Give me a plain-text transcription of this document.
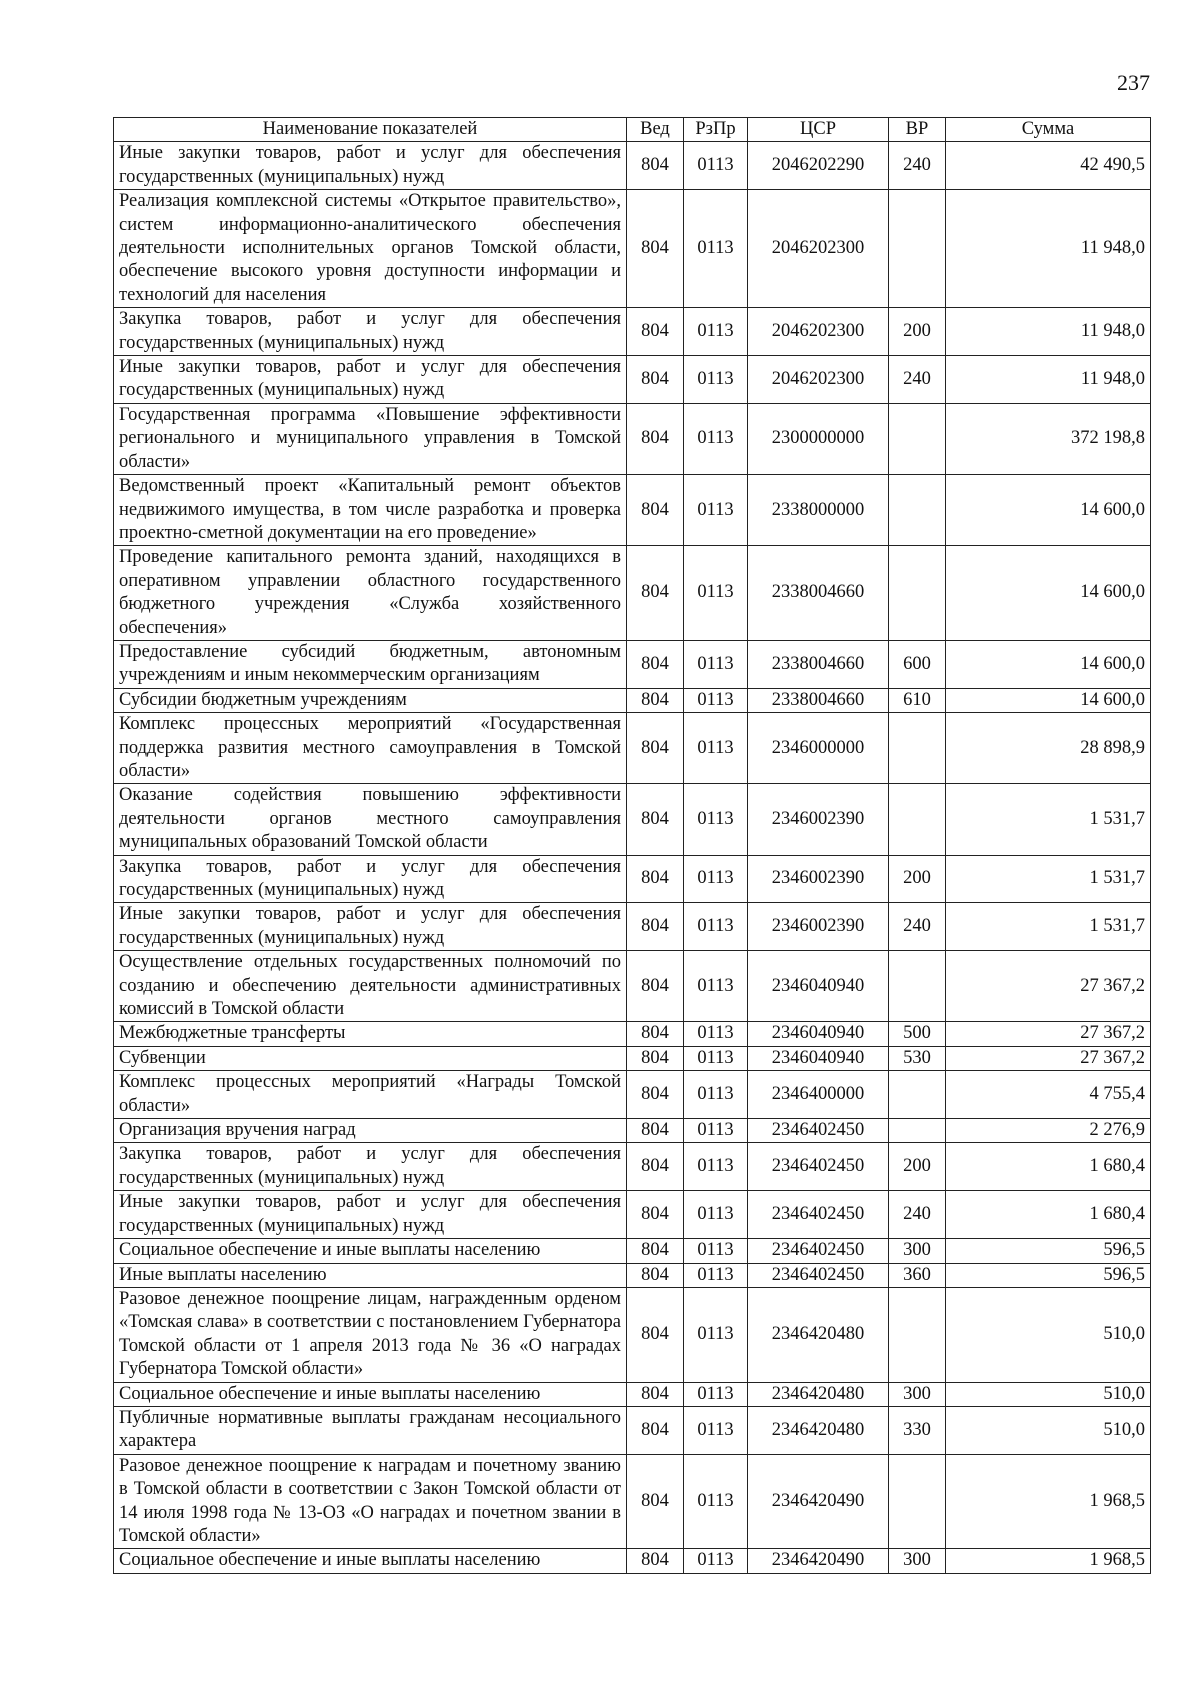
237
Наименование показателей	Вед	РзПр	ЦСР	ВР	Сумма
Иные закупки товаров, работ и услуг для обеспечения государственных (муниципальных) нужд	804	0113	2046202290	240	42 490,5
Реализация комплексной системы «Открытое правительство», систем информационно-аналитического обеспечения деятельности исполнительных органов Томской области, обеспечение высокого уровня доступности информации и технологий для населения	804	0113	2046202300		11 948,0
Закупка товаров, работ и услуг для обеспечения государственных (муниципальных) нужд	804	0113	2046202300	200	11 948,0
Иные закупки товаров, работ и услуг для обеспечения государственных (муниципальных) нужд	804	0113	2046202300	240	11 948,0
Государственная программа «Повышение эффективности регионального и муниципального управления в Томской области»	804	0113	2300000000		372 198,8
Ведомственный проект «Капитальный ремонт объектов недвижимого имущества, в том числе разработка и проверка проектно-сметной документации на его проведение»	804	0113	2338000000		14 600,0
Проведение капитального ремонта зданий, находящихся в оперативном управлении областного государственного бюджетного учреждения «Служба хозяйственного обеспечения»	804	0113	2338004660		14 600,0
Предоставление субсидий бюджетным, автономным учреждениям и иным некоммерческим организациям	804	0113	2338004660	600	14 600,0
Субсидии бюджетным учреждениям	804	0113	2338004660	610	14 600,0
Комплекс процессных мероприятий «Государственная поддержка развития местного самоуправления в Томской области»	804	0113	2346000000		28 898,9
Оказание содействия повышению эффективности деятельности органов местного самоуправления муниципальных образований Томской области	804	0113	2346002390		1 531,7
Закупка товаров, работ и услуг для обеспечения государственных (муниципальных) нужд	804	0113	2346002390	200	1 531,7
Иные закупки товаров, работ и услуг для обеспечения государственных (муниципальных) нужд	804	0113	2346002390	240	1 531,7
Осуществление отдельных государственных полномочий по созданию и обеспечению деятельности административных комиссий в Томской области	804	0113	2346040940		27 367,2
Межбюджетные трансферты	804	0113	2346040940	500	27 367,2
Субвенции	804	0113	2346040940	530	27 367,2
Комплекс процессных мероприятий «Награды Томской области»	804	0113	2346400000		4 755,4
Организация вручения наград	804	0113	2346402450		2 276,9
Закупка товаров, работ и услуг для обеспечения государственных (муниципальных) нужд	804	0113	2346402450	200	1 680,4
Иные закупки товаров, работ и услуг для обеспечения государственных (муниципальных) нужд	804	0113	2346402450	240	1 680,4
Социальное обеспечение и иные выплаты населению	804	0113	2346402450	300	596,5
Иные выплаты населению	804	0113	2346402450	360	596,5
Разовое денежное поощрение лицам, награжденным орденом «Томская слава» в соответствии с постановлением Губернатора Томской области от 1 апреля 2013 года № 36 «О наградах Губернатора Томской области»	804	0113	2346420480		510,0
Социальное обеспечение и иные выплаты населению	804	0113	2346420480	300	510,0
Публичные нормативные выплаты гражданам несоциального характера	804	0113	2346420480	330	510,0
Разовое денежное поощрение к наградам и почетному званию в Томской области в соответствии с Закон Томской области от 14 июля 1998 года № 13-ОЗ «О наградах и почетном звании в Томской области»	804	0113	2346420490		1 968,5
Социальное обеспечение и иные выплаты населению	804	0113	2346420490	300	1 968,5
